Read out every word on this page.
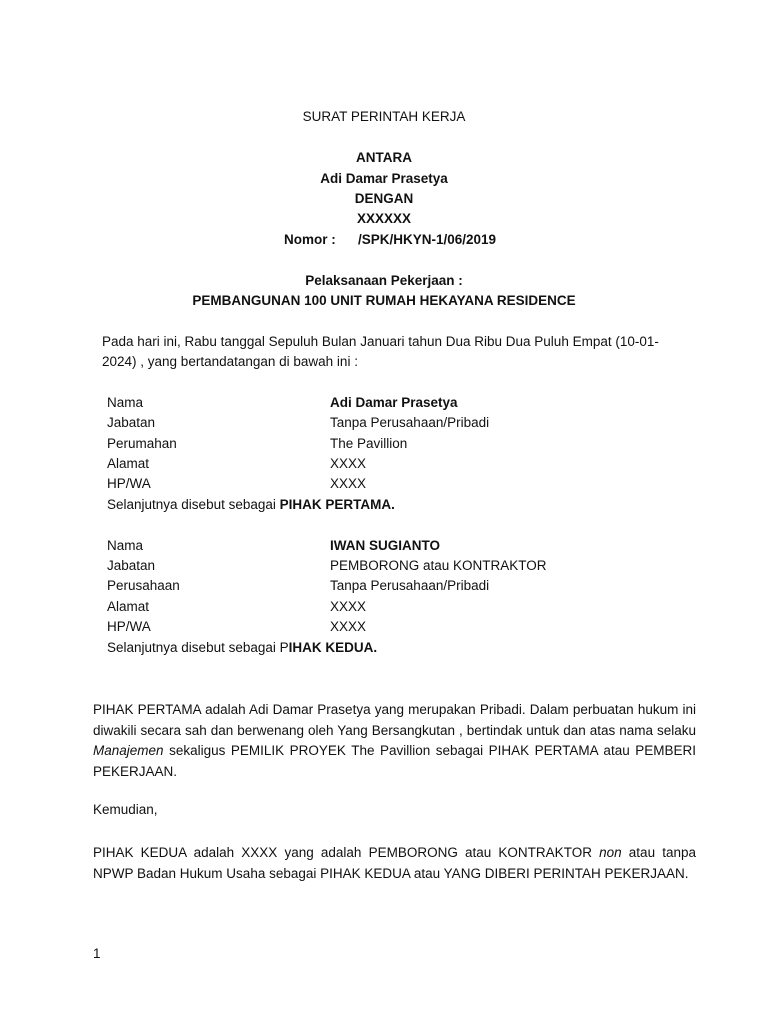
SURAT PERINTAH KERJA
ANTARA
Adi Damar Prasetya
DENGAN
XXXXXX
Nomor : /SPK/HKYN-1/06/2019
Pelaksanaan Pekerjaan :
PEMBANGUNAN 100 UNIT RUMAH HEKAYANA RESIDENCE
Pada hari ini, Rabu tanggal Sepuluh Bulan Januari tahun Dua Ribu Dua Puluh Empat (10-01-
2024) , yang bertandatangan di bawah ini :
Nama	Adi Damar Prasetya
Jabatan	Tanpa Perusahaan/Pribadi
Perumahan	The Pavillion
Alamat	XXXX
HP/WA	XXXX
Selanjutnya disebut sebagai PIHAK PERTAMA.
Nama	IWAN SUGIANTO
Jabatan	PEMBORONG atau KONTRAKTOR
Perusahaan	Tanpa Perusahaan/Pribadi
Alamat	XXXX
HP/WA	XXXX
Selanjutnya disebut sebagai PIHAK KEDUA.
PIHAK PERTAMA adalah Adi Damar Prasetya yang merupakan Pribadi. Dalam perbuatan hukum ini diwakili secara sah dan berwenang oleh Yang Bersangkutan , bertindak untuk dan atas nama selaku Manajemen sekaligus PEMILIK PROYEK The Pavillion sebagai PIHAK PERTAMA atau PEMBERI PEKERJAAN.
Kemudian,
PIHAK KEDUA adalah XXXX yang adalah PEMBORONG atau KONTRAKTOR non atau tanpa NPWP Badan Hukum Usaha sebagai PIHAK KEDUA atau YANG DIBERI PERINTAH PEKERJAAN.
1
